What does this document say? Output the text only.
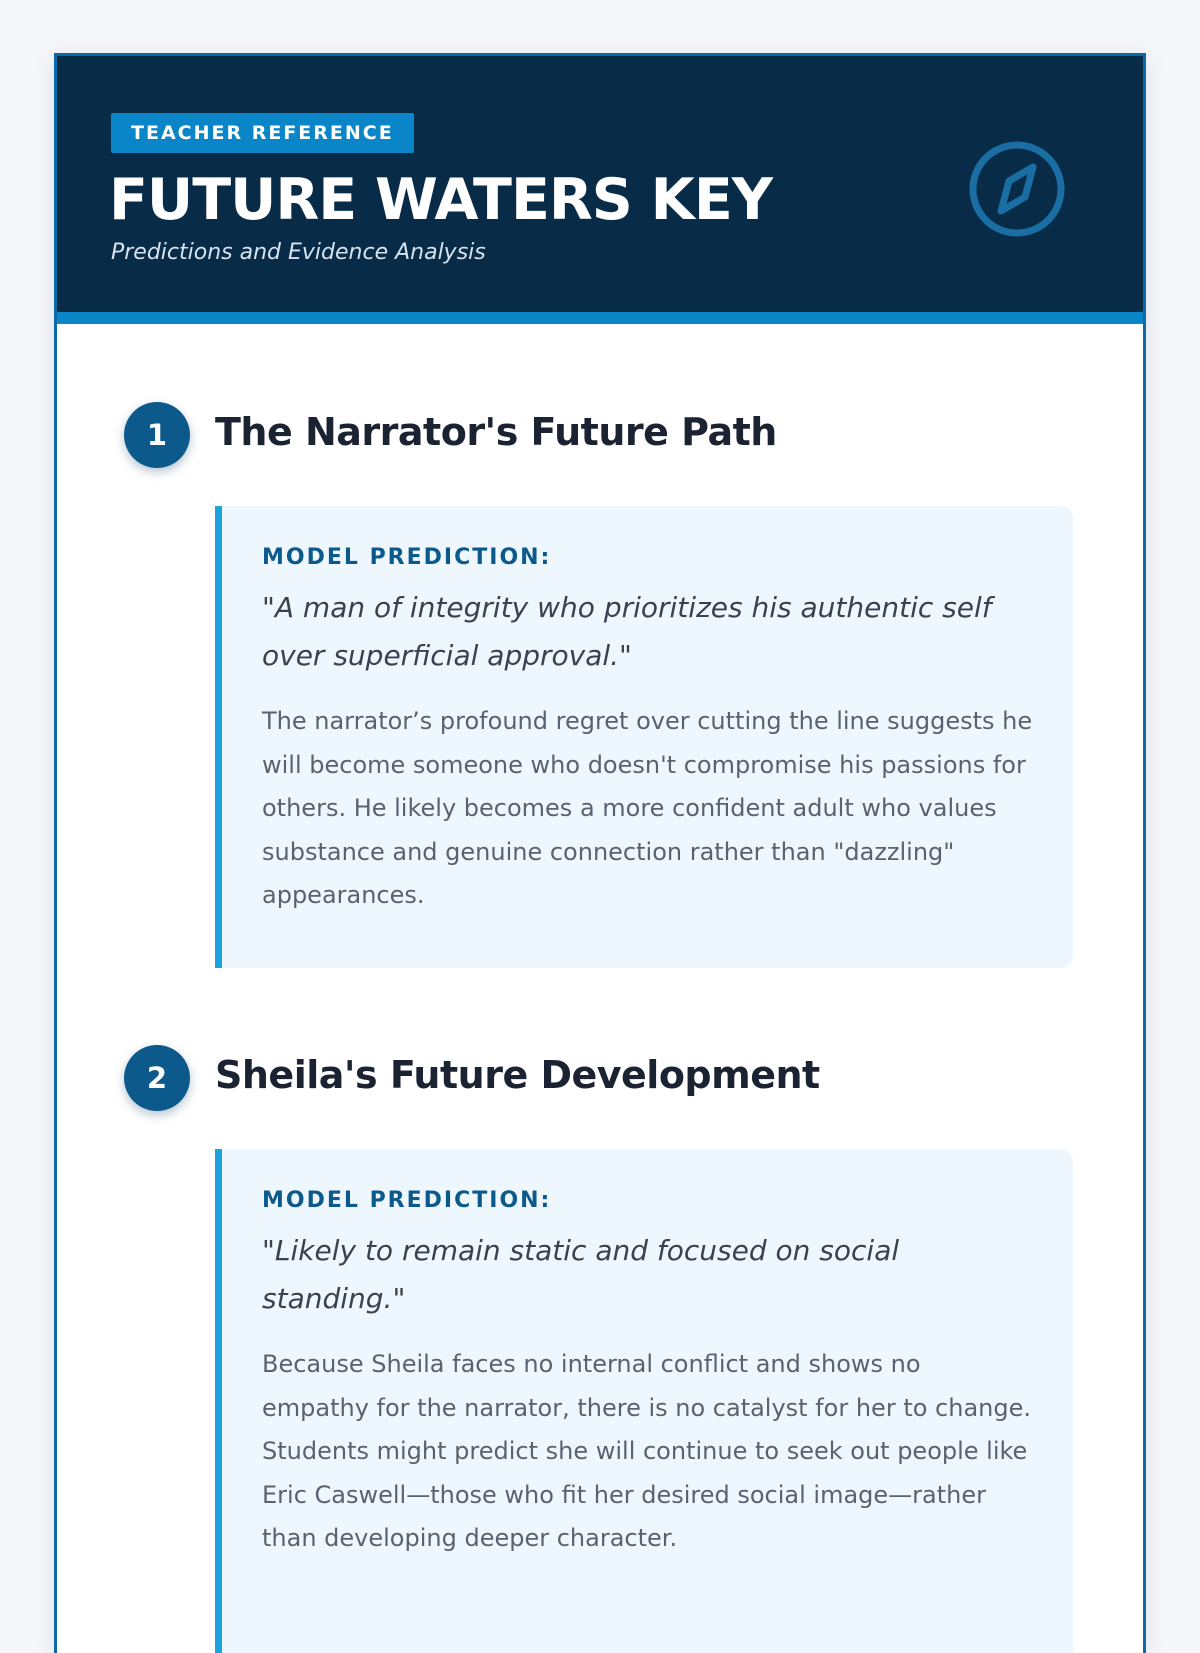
TEACHER REFERENCE
FUTURE WATERS KEY
Predictions and Evidence Analysis
1	The Narrator's Future Path
MODEL PREDICTION:
"A man of integrity who prioritizes his authentic self over superficial approval."

The narrator’s profound regret over cutting the line suggests he will become someone who doesn't compromise his passions for others. He likely becomes a more confident adult who values substance and genuine connection rather than "dazzling" appearances.

2	Sheila's Future Development
MODEL PREDICTION:
"Likely to remain static and focused on social standing."

Because Sheila faces no internal conflict and shows no empathy for the narrator, there is no catalyst for her to change. Students might predict she will continue to seek out people like Eric Caswell—those who fit her desired social image—rather than developing deeper character.
